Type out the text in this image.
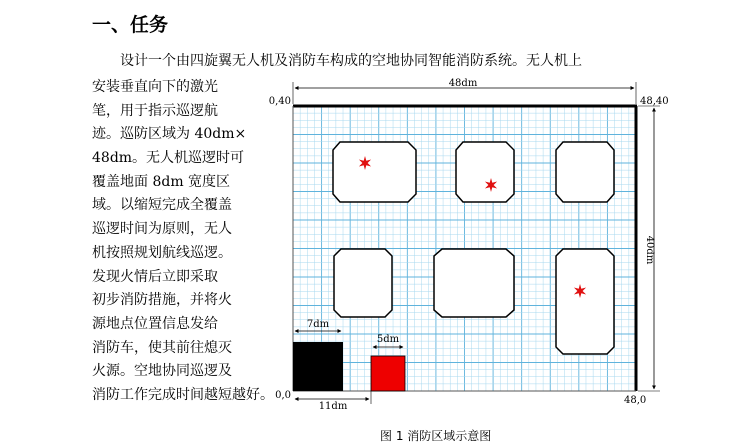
一、任务
设计一个由四旋翼无人机及消防车构成的空地协同智能消防系统。无人机上
安装垂直向下的激光
笔，用于指示巡逻航
迹。巡防区域为 40dm×
48dm。无人机巡逻时可
覆盖地面 8dm 宽度区
域。以缩短完成全覆盖
巡逻时间为原则，无人
机按照规划航线巡逻。
发现火情后立即采取
初步消防措施，并将火
源地点位置信息发给
消防车，使其前往熄灭
火源。空地协同巡逻及
消防工作完成时间越短越好。
48dm
40dm
7dm
5dm
11dm
0,40	48,40
0,0	48,0
图 1 消防区域示意图
